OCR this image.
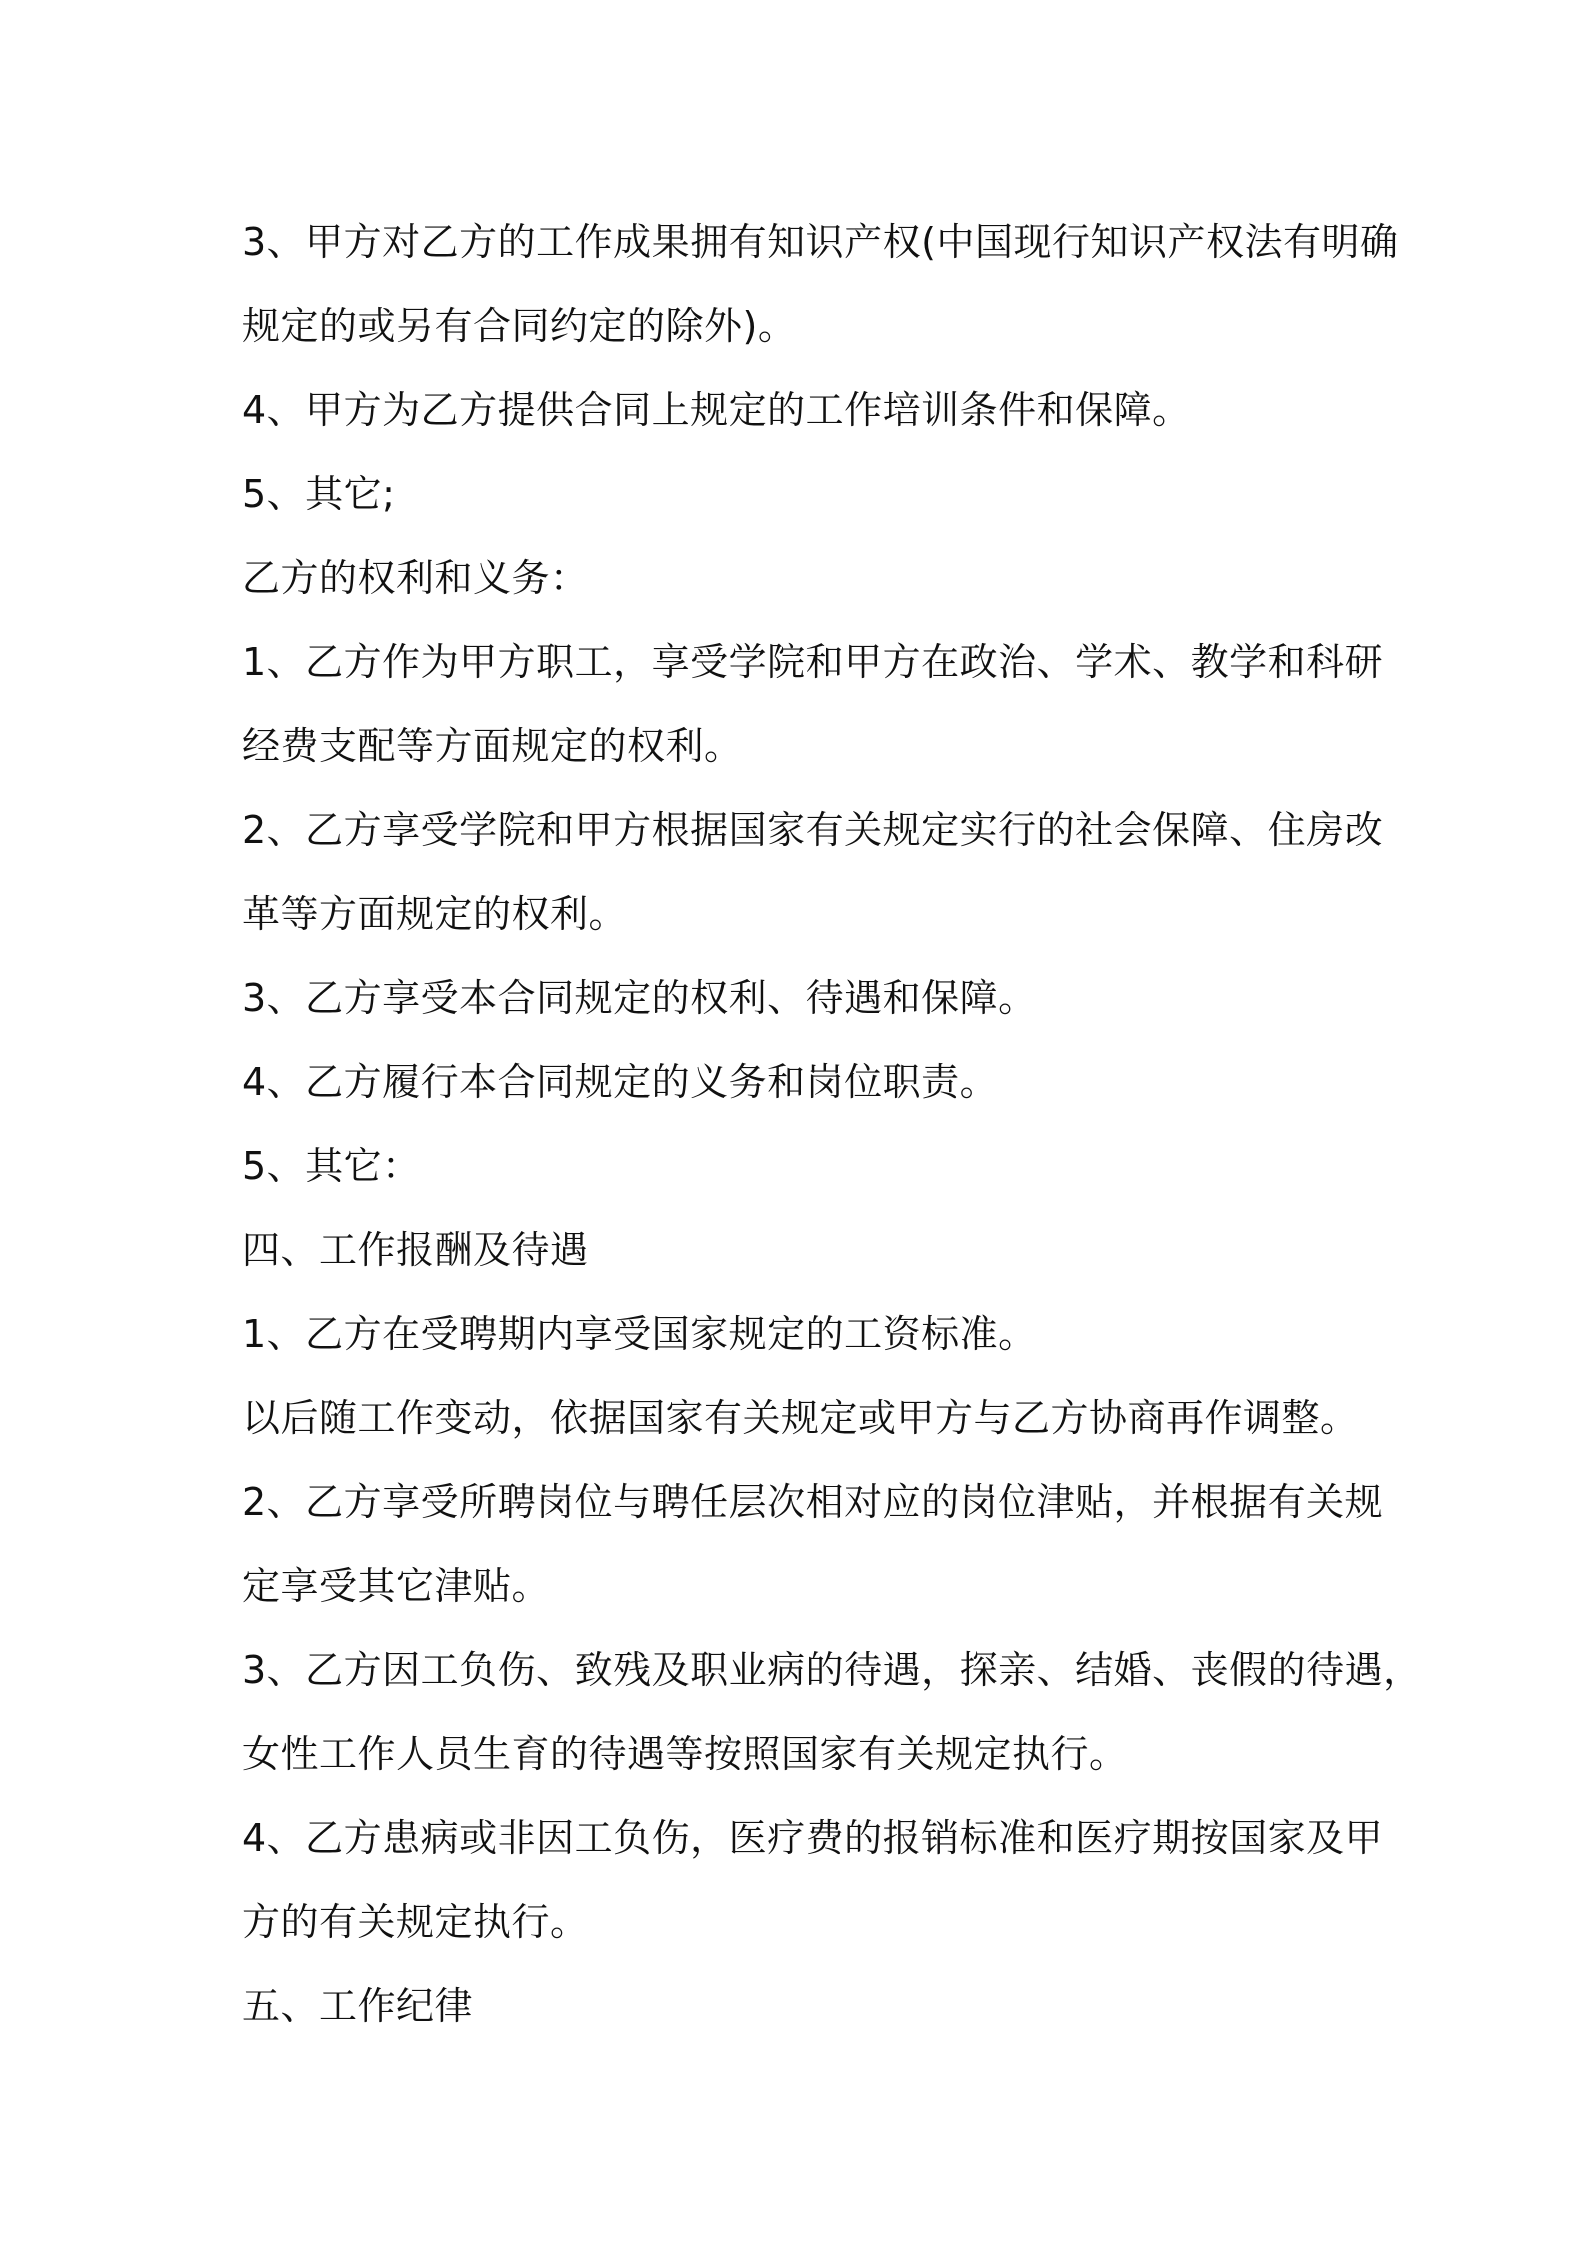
3、甲方对乙方的工作成果拥有知识产权(中国现行知识产权法有明确
规定的或另有合同约定的除外)。
4、甲方为乙方提供合同上规定的工作培训条件和保障。
5、其它;
乙方的权利和义务：
1、乙方作为甲方职工，享受学院和甲方在政治、学术、教学和科研
经费支配等方面规定的权利。
2、乙方享受学院和甲方根据国家有关规定实行的社会保障、住房改
革等方面规定的权利。
3、乙方享受本合同规定的权利、待遇和保障。
4、乙方履行本合同规定的义务和岗位职责。
5、其它：
四、工作报酬及待遇
1、乙方在受聘期内享受国家规定的工资标准。
以后随工作变动，依据国家有关规定或甲方与乙方协商再作调整。
2、乙方享受所聘岗位与聘任层次相对应的岗位津贴，并根据有关规
定享受其它津贴。
3、乙方因工负伤、致残及职业病的待遇，探亲、结婚、丧假的待遇，
女性工作人员生育的待遇等按照国家有关规定执行。
4、乙方患病或非因工负伤，医疗费的报销标准和医疗期按国家及甲
方的有关规定执行。
五、工作纪律
